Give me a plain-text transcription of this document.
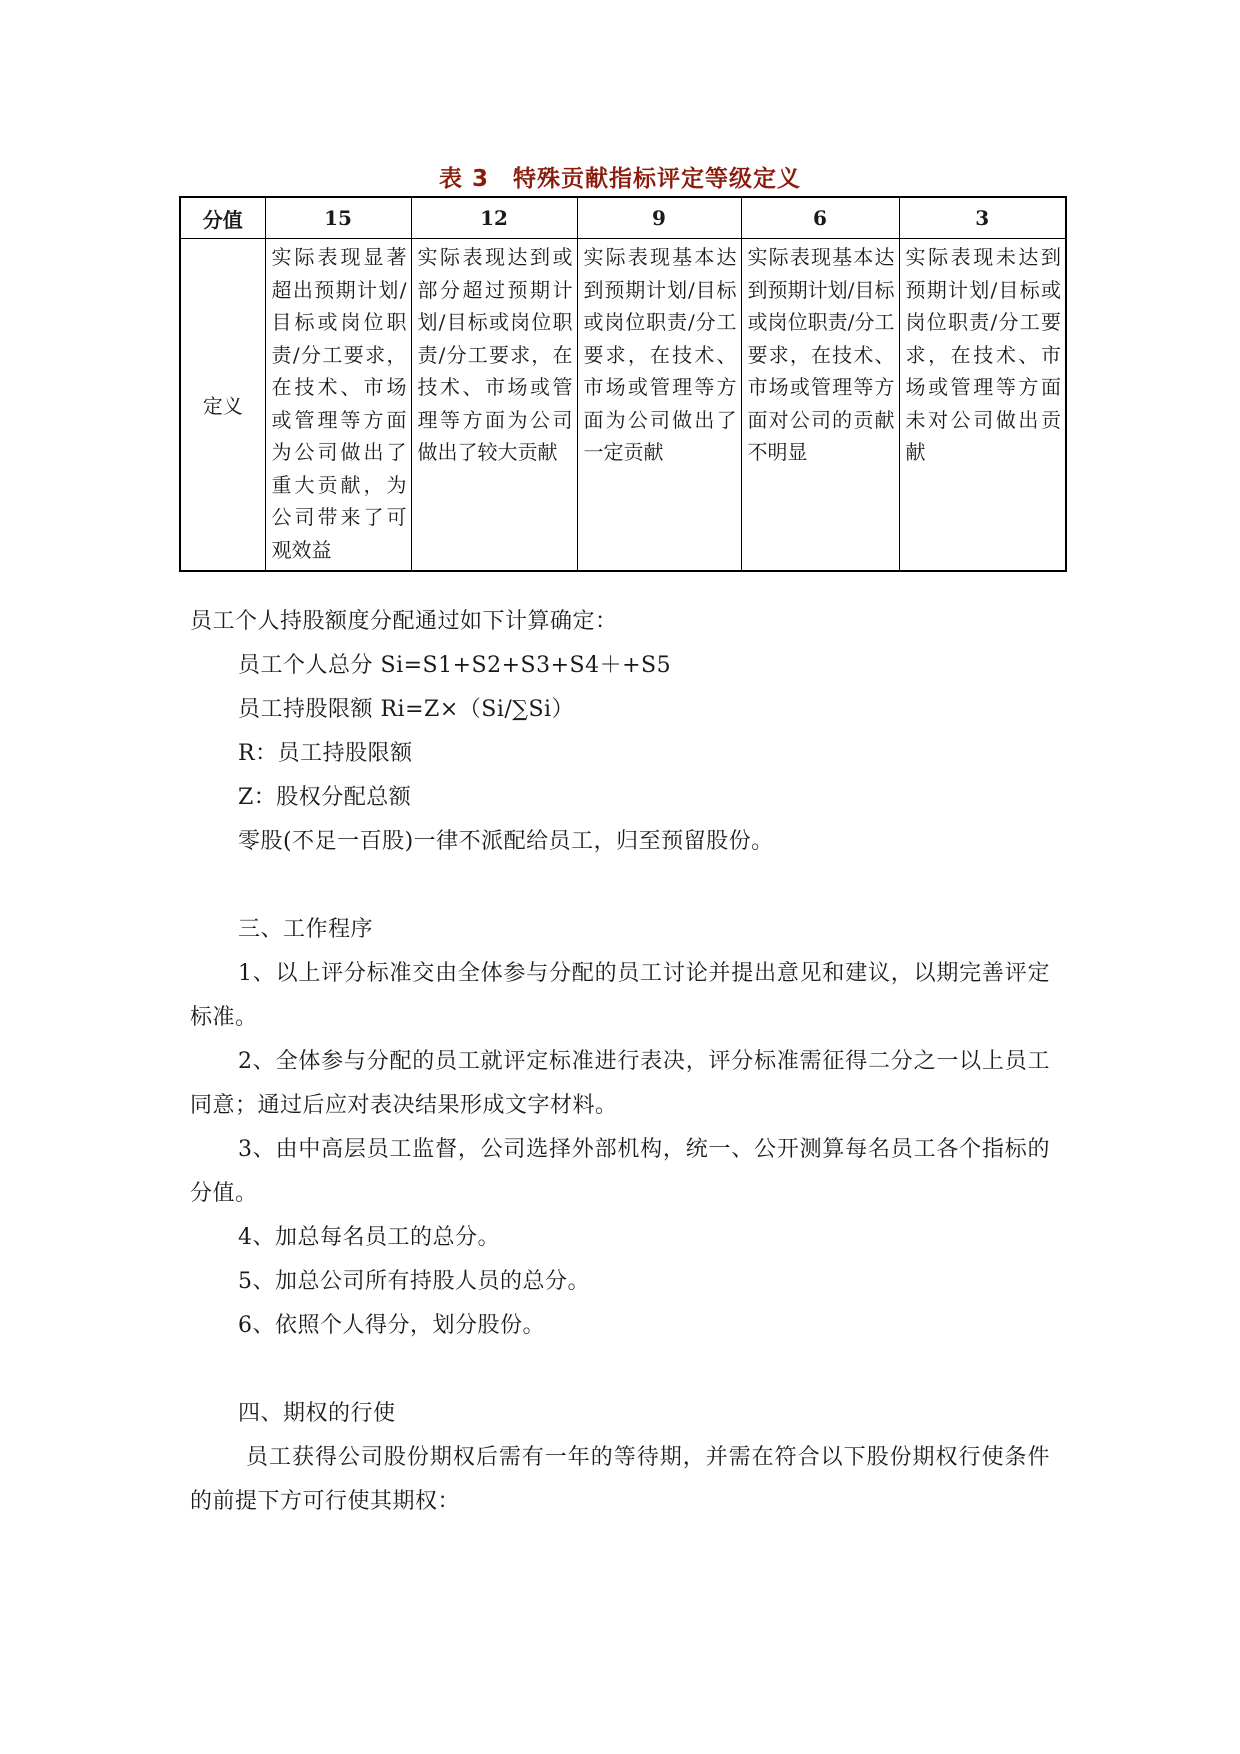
表 3　特殊贡献指标评定等级定义
分值	15	12	9	6	3
定义	实际表现显著超出预期计划/目标或岗位职责/分工要求，在技术、市场或管理等方面为公司做出了重大贡献，为公司带来了可观效益	实际表现达到或部分超过预期计划/目标或岗位职责/分工要求，在技术、市场或管理等方面为公司做出了较大贡献	实际表现基本达到预期计划/目标或岗位职责/分工要求，在技术、市场或管理等方面为公司做出了一定贡献	实际表现基本达到预期计划/目标或岗位职责/分工要求，在技术、市场或管理等方面对公司的贡献不明显	实际表现未达到预期计划/目标或岗位职责/分工要求，在技术、市场或管理等方面未对公司做出贡献

员工个人持股额度分配通过如下计算确定：

员工个人总分 Si=S1+S2+S3+S4＋+S5

员工持股限额 Ri=Z×（Si/∑Si）

R：员工持股限额

Z：股权分配总额

零股(不足一百股)一律不派配给员工，归至预留股份。

三、工作程序

1、以上评分标准交由全体参与分配的员工讨论并提出意见和建议，以期完善评定标准。

2、全体参与分配的员工就评定标准进行表决，评分标准需征得二分之一以上员工同意；通过后应对表决结果形成文字材料。

3、由中高层员工监督，公司选择外部机构，统一、公开测算每名员工各个指标的分值。

4、加总每名员工的总分。

5、加总公司所有持股人员的总分。

6、依照个人得分，划分股份。

四、期权的行使

员工获得公司股份期权后需有一年的等待期，并需在符合以下股份期权行使条件的前提下方可行使其期权：
